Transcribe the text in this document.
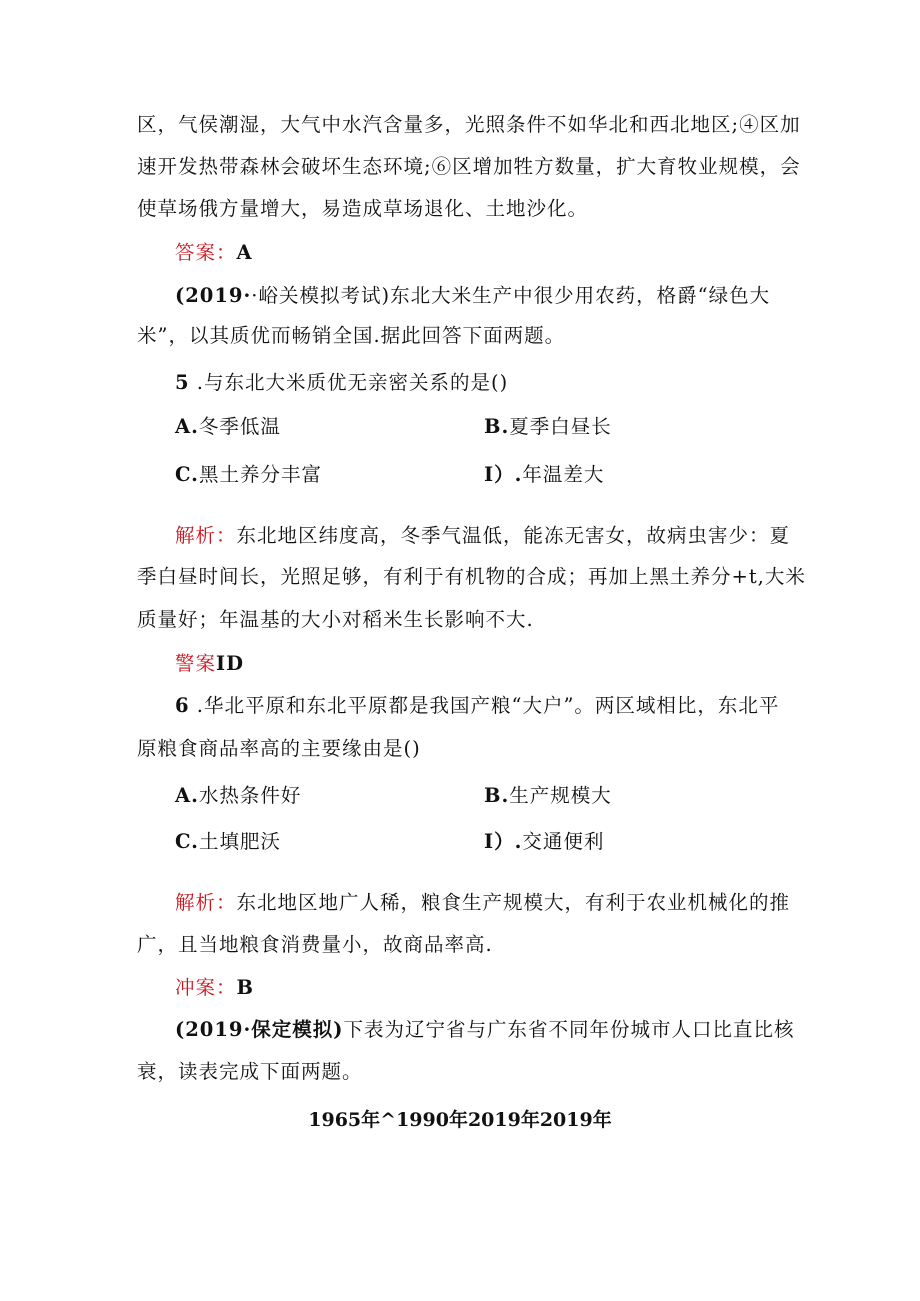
区，气侯潮湿，大气中水汽含量多，光照条件不如华北和西北地区;④区加
速开发热带森林会破坏生态环境;⑥区增加牲方数量，扩大育牧业规模，会
使草场俄方量增大，易造成草场退化、土地沙化。
答案：A
(2019··峪关模拟考试)东北大米生产中很少用农药，格爵“绿色大
米”，以其质优而畅销全国.据此回答下面两题。
5 .与东北大米质优无亲密关系的是()
A.冬季低温	B.夏季白昼长
C.黑土养分丰富	I）.年温差大
解析：东北地区纬度高，冬季气温低，能冻无害女，故病虫害少：夏
季白昼时间长，光照足够，有利于有机物的合成；再加上黑土养分+t,大米
质量好；年温基的大小对稻米生长影响不大.
警案ID
6 .华北平原和东北平原都是我国产粮“大户”。两区域相比，东北平
原粮食商品率高的主要缘由是()
A.水热条件好	B.生产规模大
C.土填肥沃	I）.交通便利
解析：东北地区地广人稀，粮食生产规模大，有利于农业机械化的推
广，且当地粮食消费量小，故商品率高.
冲案：B
(2019·保定模拟)下表为辽宁省与广东省不同年份城市人口比直比核
衰，读表完成下面两题。
1965年^1990年2019年2019年
